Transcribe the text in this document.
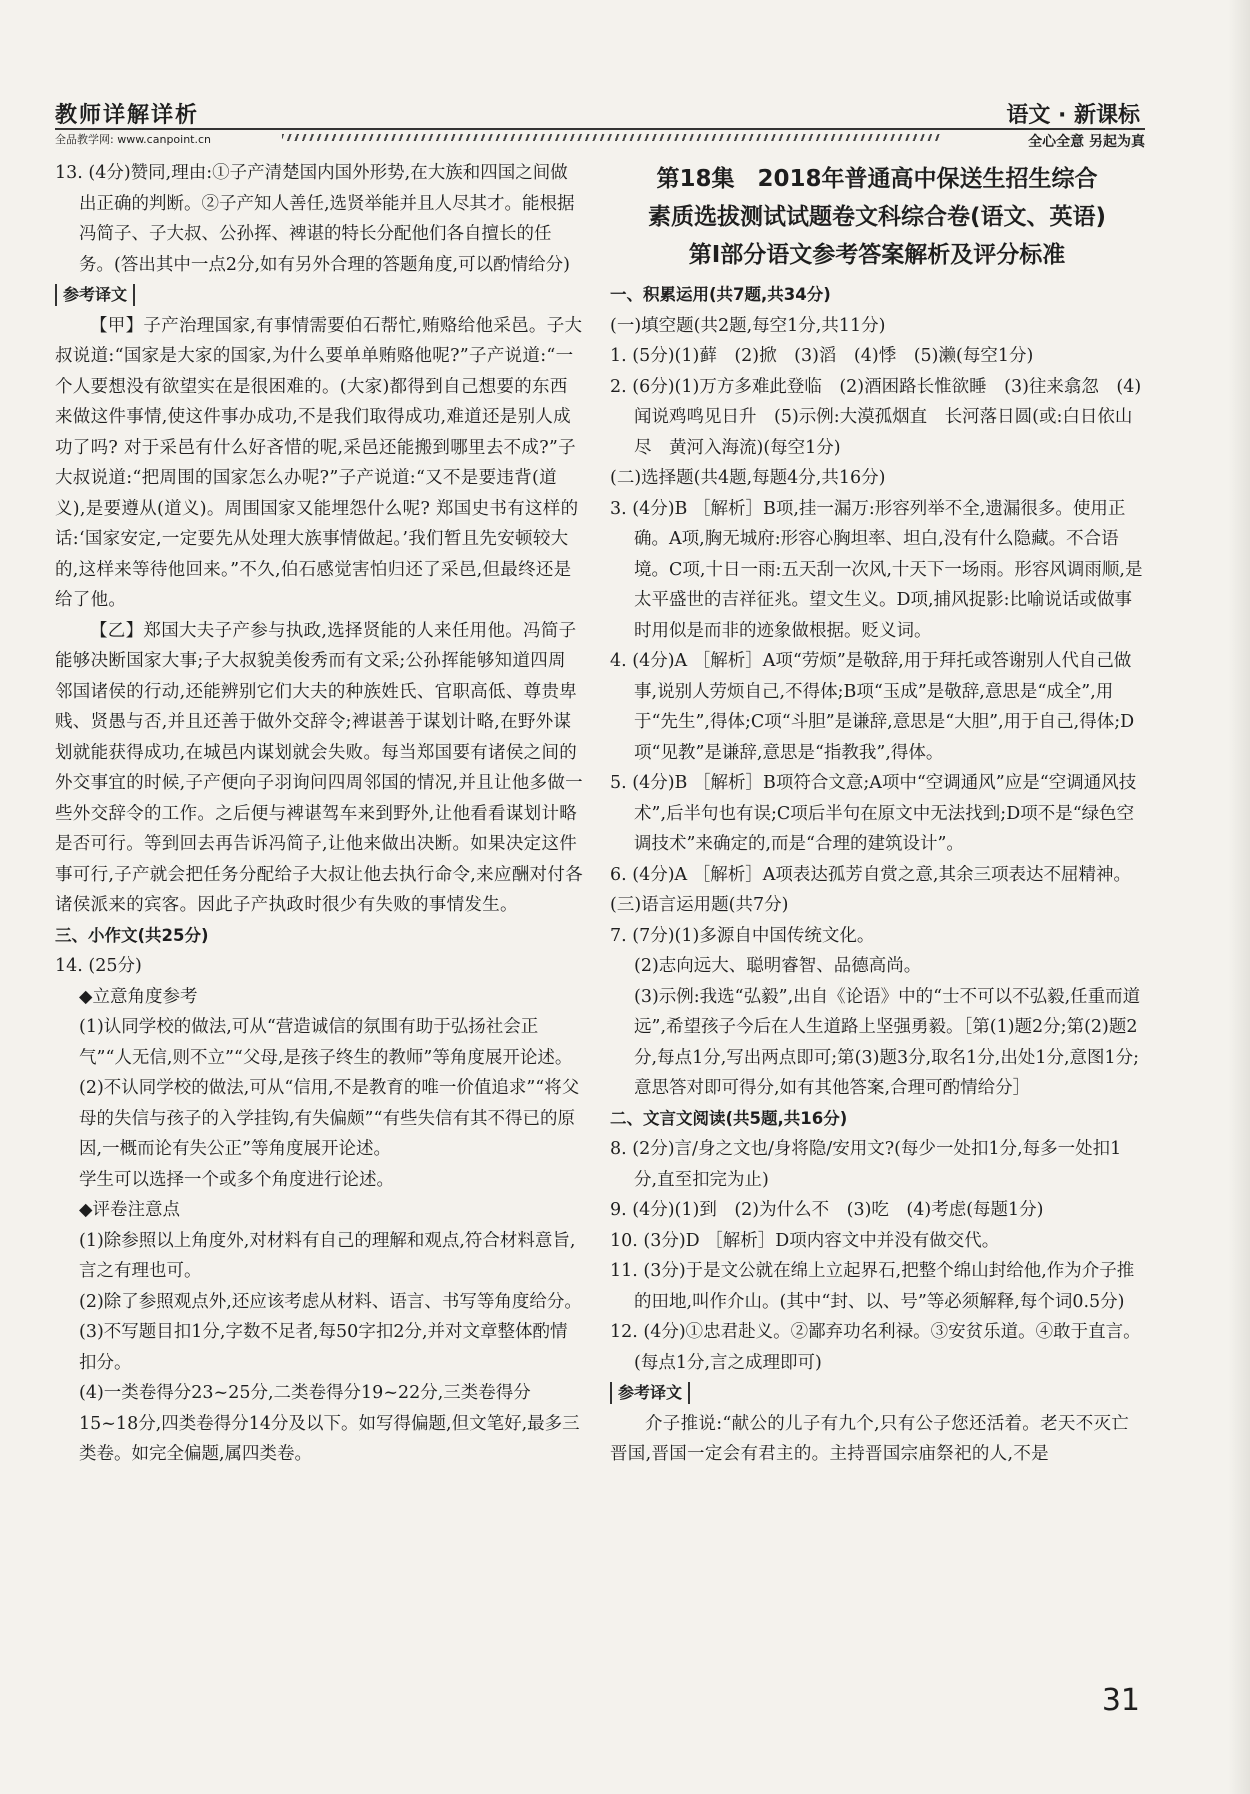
教师详解详析	语文 · 新课标
全品教学网: www.canpoint.cn	全心全意 另起为真

13. (4分)赞同,理由:①子产清楚国内国外形势,在大族和四国之间做出正确的判断。②子产知人善任,选贤举能并且人尽其才。能根据冯简子、子大叔、公孙挥、裨谌的特长分配他们各自擅长的任务。(答出其中一点2分,如有另外合理的答题角度,可以酌情给分)

参考译文

【甲】子产治理国家,有事情需要伯石帮忙,贿赂给他采邑。子大叔说道:“国家是大家的国家,为什么要单单贿赂他呢?”子产说道:“一个人要想没有欲望实在是很困难的。(大家)都得到自己想要的东西来做这件事情,使这件事办成功,不是我们取得成功,难道还是别人成功了吗? 对于采邑有什么好吝惜的呢,采邑还能搬到哪里去不成?”子大叔说道:“把周围的国家怎么办呢?”子产说道:“又不是要违背(道义),是要遵从(道义)。周围国家又能埋怨什么呢? 郑国史书有这样的话:‘国家安定,一定要先从处理大族事情做起。’我们暂且先安顿较大的,这样来等待他回来。”不久,伯石感觉害怕归还了采邑,但最终还是给了他。

【乙】郑国大夫子产参与执政,选择贤能的人来任用他。冯简子能够决断国家大事;子大叔貌美俊秀而有文采;公孙挥能够知道四周邻国诸侯的行动,还能辨别它们大夫的种族姓氏、官职高低、尊贵卑贱、贤愚与否,并且还善于做外交辞令;裨谌善于谋划计略,在野外谋划就能获得成功,在城邑内谋划就会失败。每当郑国要有诸侯之间的外交事宜的时候,子产便向子羽询问四周邻国的情况,并且让他多做一些外交辞令的工作。之后便与裨谌驾车来到野外,让他看看谋划计略是否可行。等到回去再告诉冯简子,让他来做出决断。如果决定这件事可行,子产就会把任务分配给子大叔让他去执行命令,来应酬对付各诸侯派来的宾客。因此子产执政时很少有失败的事情发生。

三、小作文(共25分)

14. (25分)

◆立意角度参考

(1)认同学校的做法,可从“营造诚信的氛围有助于弘扬社会正气”“人无信,则不立”“父母,是孩子终生的教师”等角度展开论述。

(2)不认同学校的做法,可从“信用,不是教育的唯一价值追求”“将父母的失信与孩子的入学挂钩,有失偏颇”“有些失信有其不得已的原因,一概而论有失公正”等角度展开论述。

学生可以选择一个或多个角度进行论述。

◆评卷注意点

(1)除参照以上角度外,对材料有自己的理解和观点,符合材料意旨,言之有理也可。

(2)除了参照观点外,还应该考虑从材料、语言、书写等角度给分。

(3)不写题目扣1分,字数不足者,每50字扣2分,并对文章整体酌情扣分。

(4)一类卷得分23~25分,二类卷得分19~22分,三类卷得分15~18分,四类卷得分14分及以下。如写得偏题,但文笔好,最多三类卷。如完全偏题,属四类卷。

第18集　2018年普通高中保送生招生综合
素质选拔测试试题卷文科综合卷(语文、英语)
第Ⅰ部分语文参考答案解析及评分标准

一、积累运用(共7题,共34分)

(一)填空题(共2题,每空1分,共11分)

1. (5分)(1)藓　(2)掀　(3)滔　(4)悸　(5)濑(每空1分)

2. (6分)(1)万方多难此登临　(2)酒困路长惟欲睡　(3)往来翕忽　(4)闻说鸡鸣见日升　(5)示例:大漠孤烟直　长河落日圆(或:白日依山尽　黄河入海流)(每空1分)

(二)选择题(共4题,每题4分,共16分)

3. (4分)B ［解析］B项,挂一漏万:形容列举不全,遗漏很多。使用正确。A项,胸无城府:形容心胸坦率、坦白,没有什么隐藏。不合语境。C项,十日一雨:五天刮一次风,十天下一场雨。形容风调雨顺,是太平盛世的吉祥征兆。望文生义。D项,捕风捉影:比喻说话或做事时用似是而非的迹象做根据。贬义词。

4. (4分)A ［解析］A项“劳烦”是敬辞,用于拜托或答谢别人代自己做事,说别人劳烦自己,不得体;B项“玉成”是敬辞,意思是“成全”,用于“先生”,得体;C项“斗胆”是谦辞,意思是“大胆”,用于自己,得体;D项“见教”是谦辞,意思是“指教我”,得体。

5. (4分)B ［解析］B项符合文意;A项中“空调通风”应是“空调通风技术”,后半句也有误;C项后半句在原文中无法找到;D项不是“绿色空调技术”来确定的,而是“合理的建筑设计”。

6. (4分)A ［解析］A项表达孤芳自赏之意,其余三项表达不屈精神。

(三)语言运用题(共7分)

7. (7分)(1)多源自中国传统文化。

(2)志向远大、聪明睿智、品德高尚。

(3)示例:我选“弘毅”,出自《论语》中的“士不可以不弘毅,任重而道远”,希望孩子今后在人生道路上坚强勇毅。［第(1)题2分;第(2)题2分,每点1分,写出两点即可;第(3)题3分,取名1分,出处1分,意图1分;意思答对即可得分,如有其他答案,合理可酌情给分］

二、文言文阅读(共5题,共16分)

8. (2分)言/身之文也/身将隐/安用文?(每少一处扣1分,每多一处扣1分,直至扣完为止)

9. (4分)(1)到　(2)为什么不　(3)吃　(4)考虑(每题1分)

10. (3分)D ［解析］D项内容文中并没有做交代。

11. (3分)于是文公就在绵上立起界石,把整个绵山封给他,作为介子推的田地,叫作介山。(其中“封、以、号”等必须解释,每个词0.5分)

12. (4分)①忠君赴义。②鄙弃功名利禄。③安贫乐道。④敢于直言。(每点1分,言之成理即可)

参考译文

介子推说:“献公的儿子有九个,只有公子您还活着。老天不灭亡晋国,晋国一定会有君主的。主持晋国宗庙祭祀的人,不是

31
